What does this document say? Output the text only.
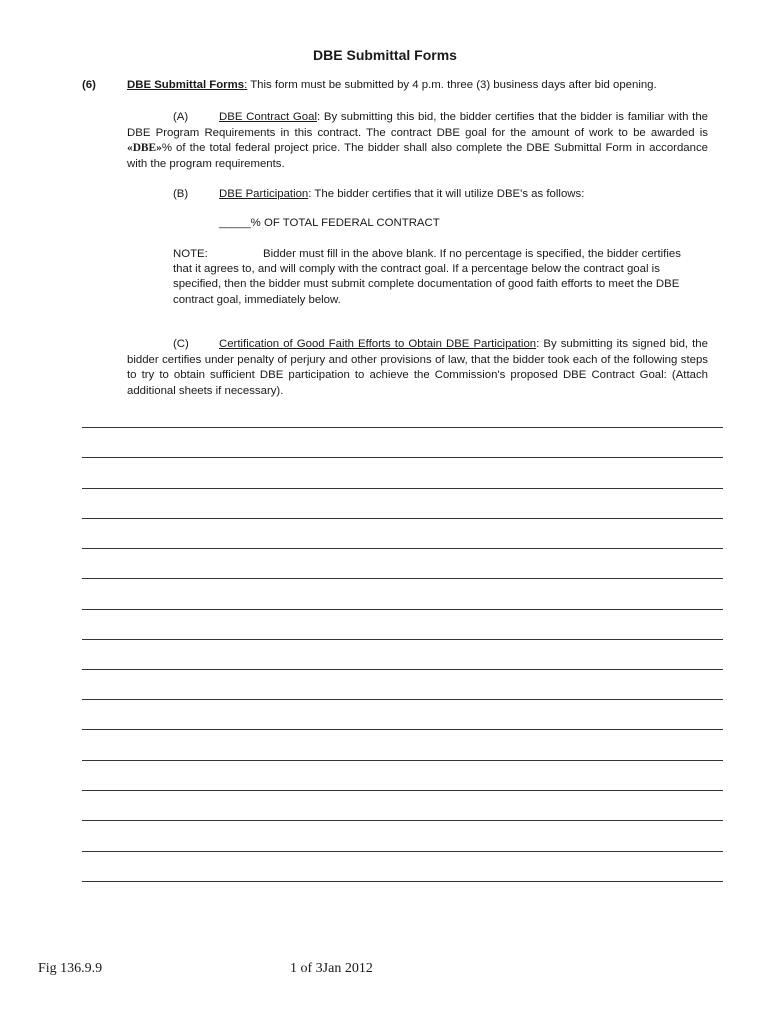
DBE Submittal Forms
(6)	DBE Submittal Forms: This form must be submitted by 4 p.m. three (3) business days after bid opening.
(A)	DBE Contract Goal: By submitting this bid, the bidder certifies that the bidder is familiar with the DBE Program Requirements in this contract. The contract DBE goal for the amount of work to be awarded is «DBE»% of the total federal project price. The bidder shall also complete the DBE Submittal Form in accordance with the program requirements.
(B)	DBE Participation: The bidder certifies that it will utilize DBE's as follows:
_____% OF TOTAL FEDERAL CONTRACT
NOTE:	Bidder must fill in the above blank. If no percentage is specified, the bidder certifies that it agrees to, and will comply with the contract goal. If a percentage below the contract goal is specified, then the bidder must submit complete documentation of good faith efforts to meet the DBE contract goal, immediately below.
(C)	Certification of Good Faith Efforts to Obtain DBE Participation: By submitting its signed bid, the bidder certifies under penalty of perjury and other provisions of law, that the bidder took each of the following steps to try to obtain sufficient DBE participation to achieve the Commission's proposed DBE Contract Goal: (Attach additional sheets if necessary).
Fig 136.9.9	1 of 3Jan 2012
